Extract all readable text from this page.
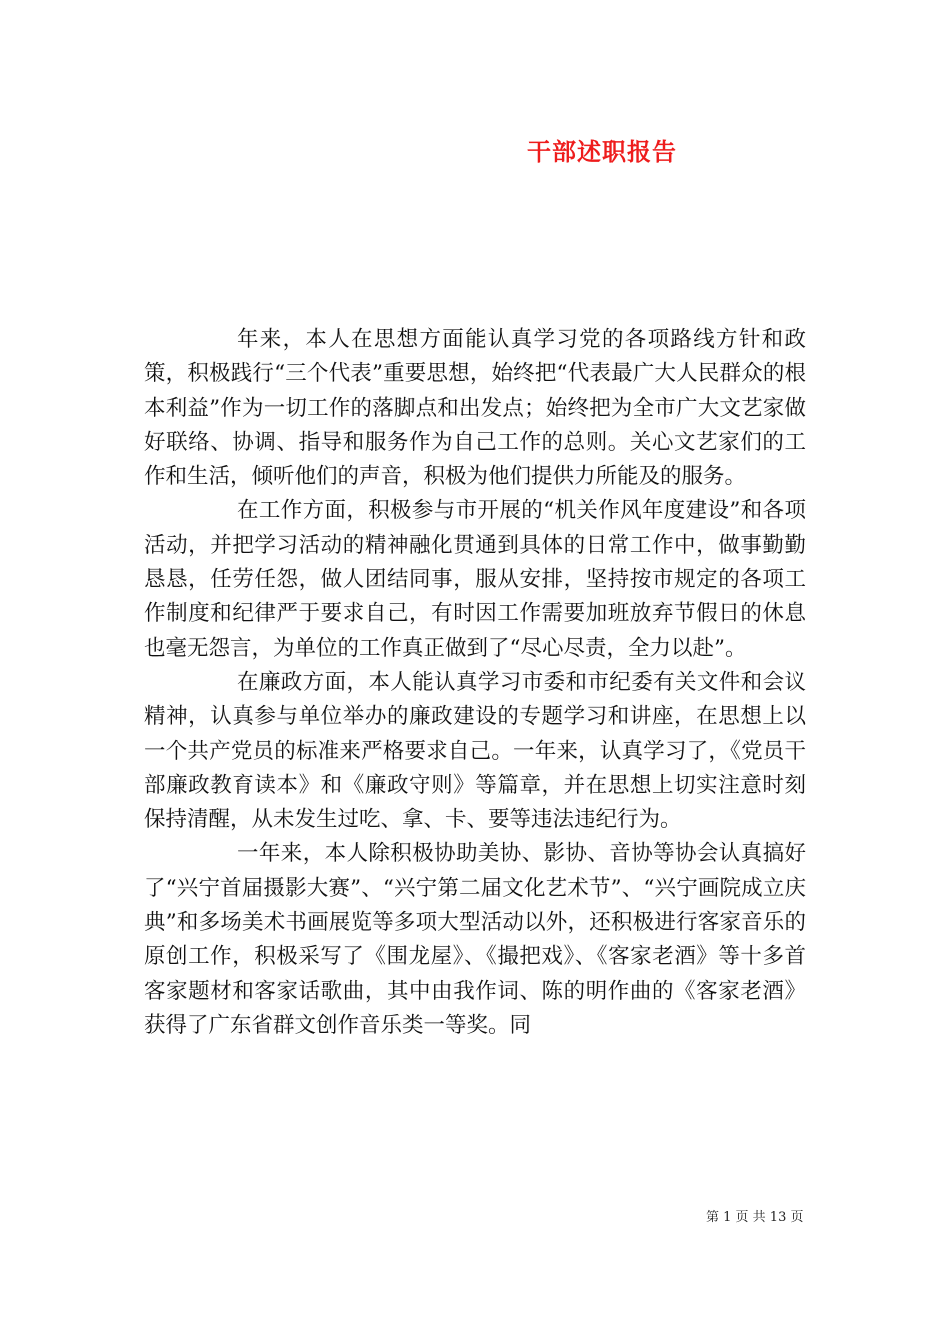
干部述职报告

年来，本人在思想方面能认真学习党的各项路线方针和政策，积极践行“三个代表”重要思想，始终把“代表最广大人民群众的根本利益”作为一切工作的落脚点和出发点；始终把为全市广大文艺家做好联络、协调、指导和服务作为自己工作的总则。关心文艺家们的工作和生活，倾听他们的声音，积极为他们提供力所能及的服务。

在工作方面，积极参与市开展的“机关作风年度建设”和各项活动，并把学习活动的精神融化贯通到具体的日常工作中，做事勤勤恳恳，任劳任怨，做人团结同事，服从安排，坚持按市规定的各项工作制度和纪律严于要求自己，有时因工作需要加班放弃节假日的休息也毫无怨言，为单位的工作真正做到了“尽心尽责，全力以赴”。

在廉政方面，本人能认真学习市委和市纪委有关文件和会议精神，认真参与单位举办的廉政建设的专题学习和讲座，在思想上以一个共产党员的标准来严格要求自己。一年来，认真学习了，《党员干部廉政教育读本》和《廉政守则》等篇章，并在思想上切实注意时刻保持清醒，从未发生过吃、拿、卡、要等违法违纪行为。

一年来，本人除积极协助美协、影协、音协等协会认真搞好了“兴宁首届摄影大赛”、“兴宁第二届文化艺术节”、“兴宁画院成立庆典”和多场美术书画展览等多项大型活动以外，还积极进行客家音乐的原创工作，积极采写了《围龙屋》、《撮把戏》、《客家老酒》等十多首客家题材和客家话歌曲，其中由我作词、陈的明作曲的《客家老酒》获得了广东省群文创作音乐类一等奖。同

第 1 页 共 13 页
